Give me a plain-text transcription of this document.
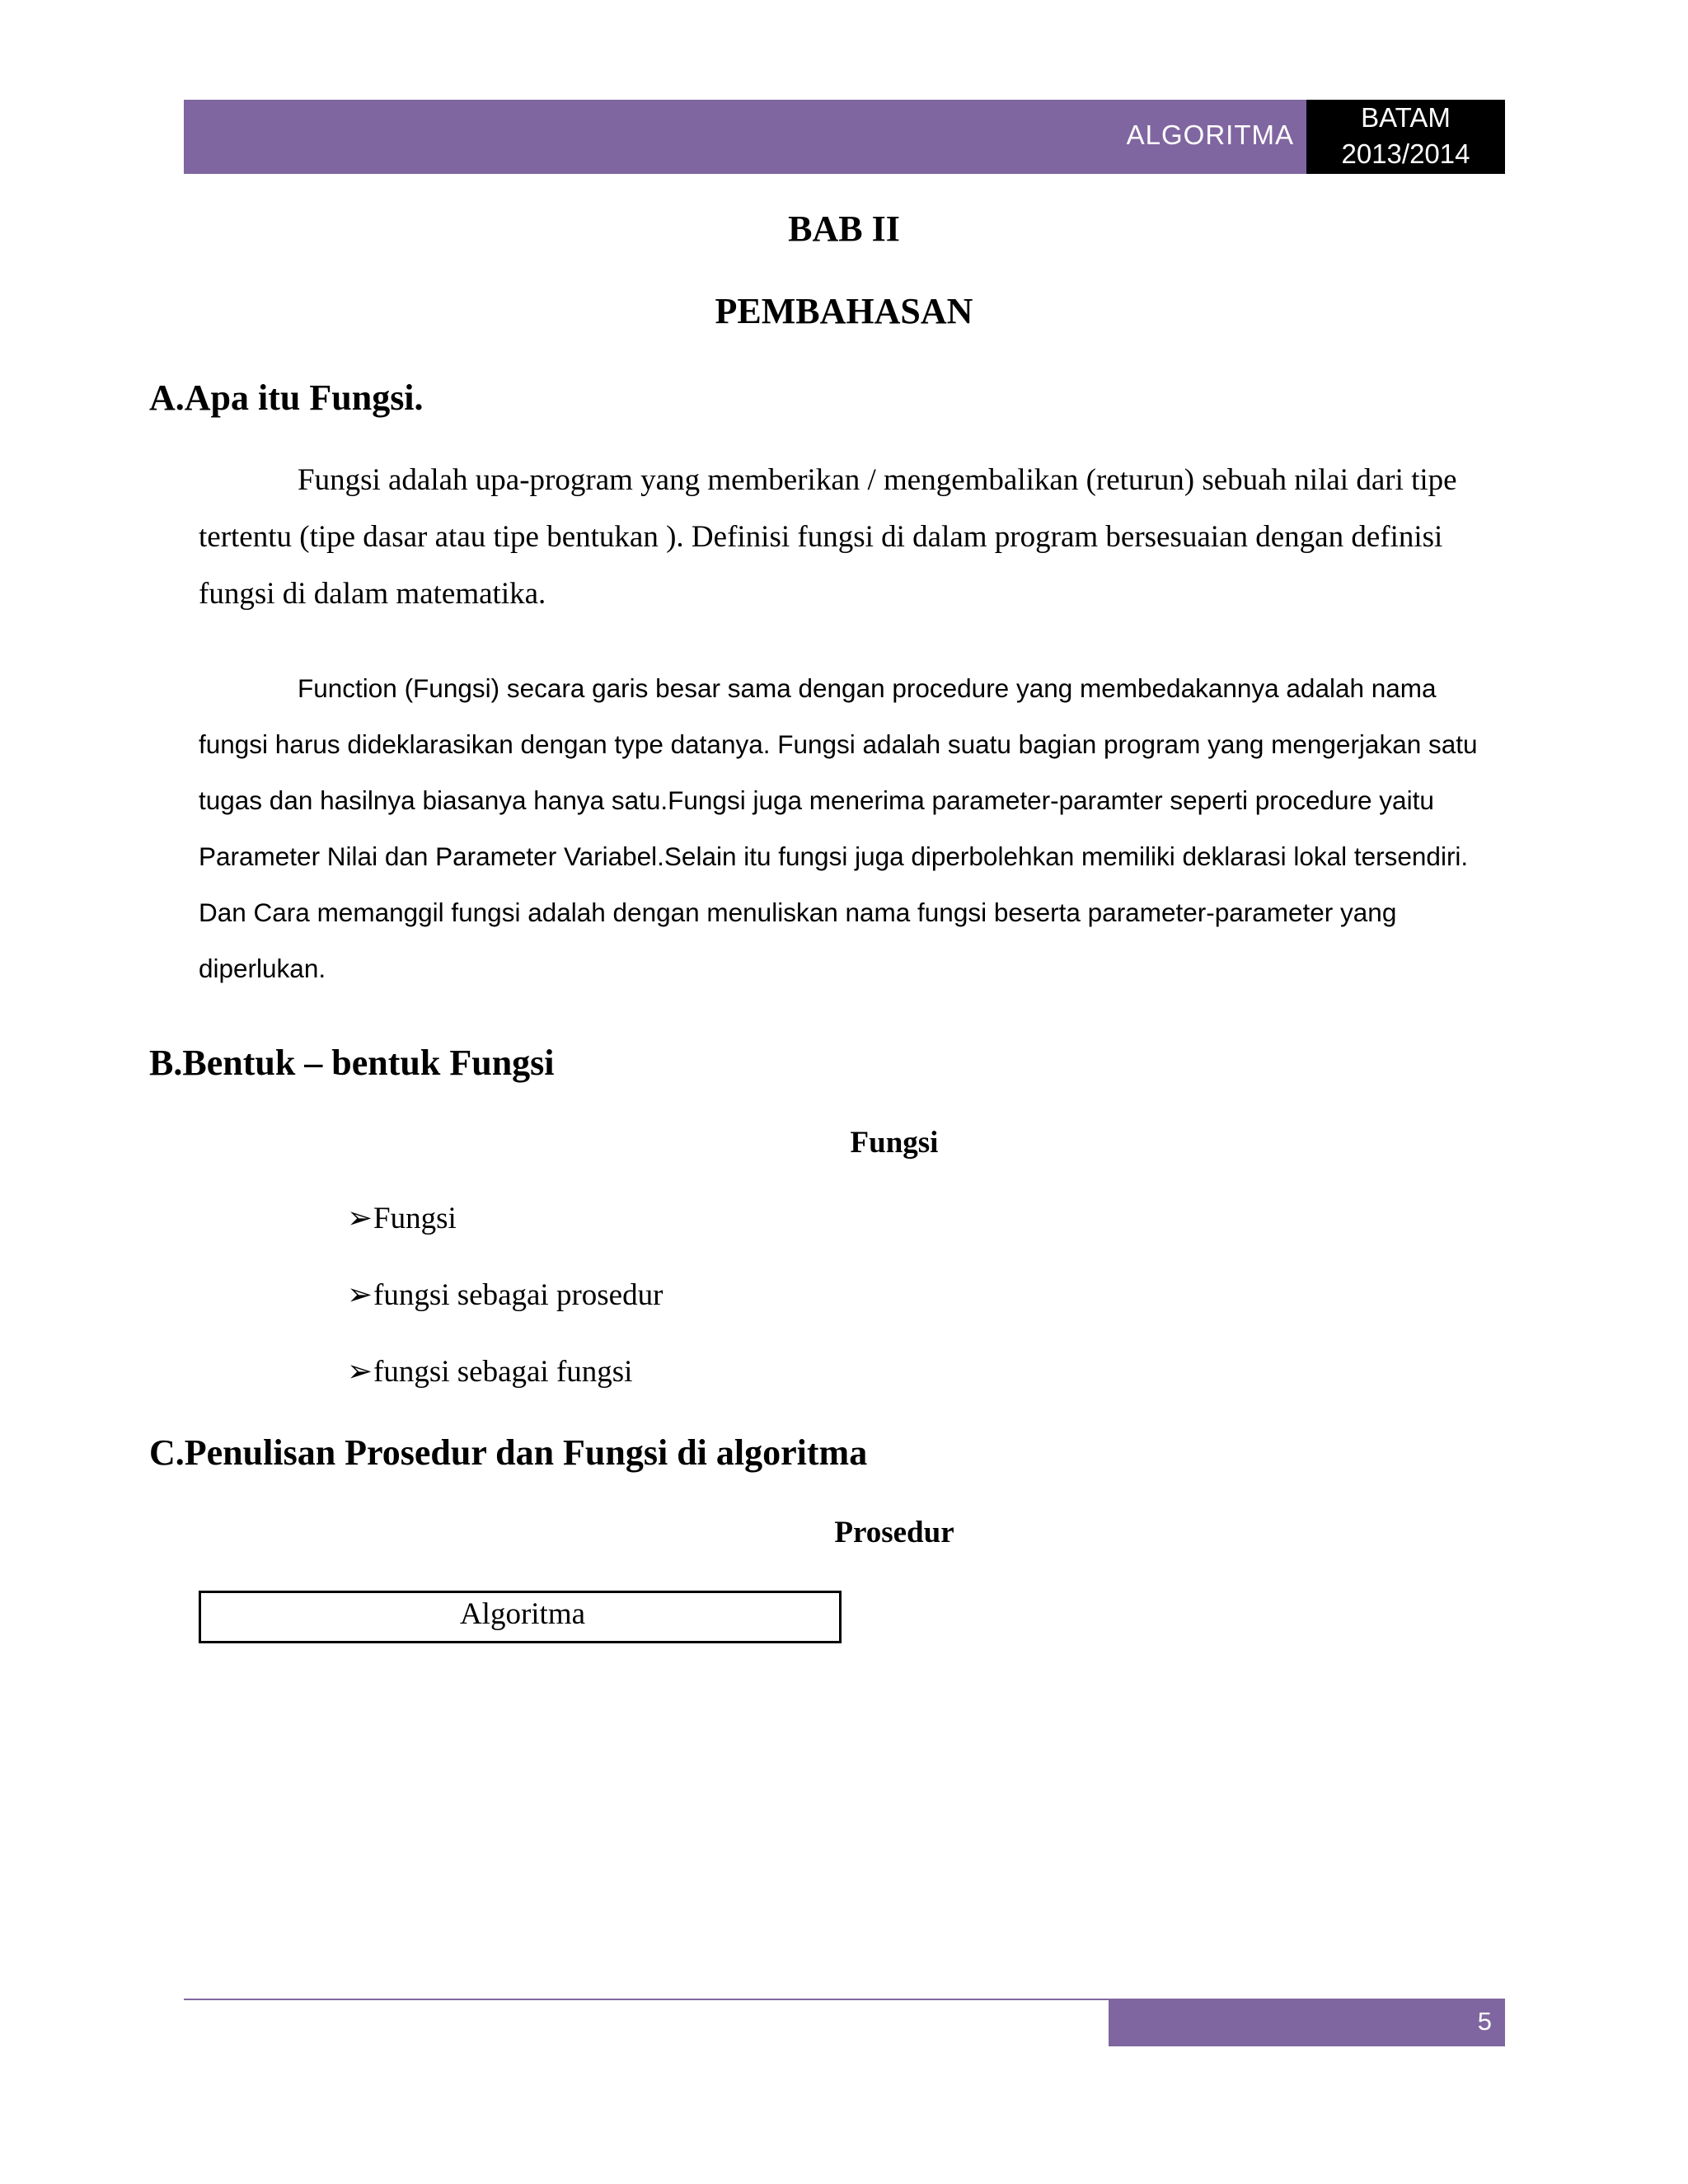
ALGORITMA
BATAM
2013/2014
BAB II
PEMBAHASAN
A.Apa itu Fungsi.

Fungsi adalah upa-program yang memberikan / mengembalikan (returun) sebuah nilai dari tipe tertentu (tipe dasar atau tipe bentukan ). Definisi fungsi di dalam program bersesuaian dengan definisi fungsi di dalam matematika.

Function (Fungsi) secara garis besar sama dengan procedure yang membedakannya adalah nama fungsi harus dideklarasikan dengan type datanya. Fungsi adalah suatu bagian program yang mengerjakan satu tugas dan hasilnya biasanya hanya satu.Fungsi juga menerima parameter-paramter seperti procedure yaitu Parameter Nilai dan Parameter Variabel.Selain itu fungsi juga diperbolehkan memiliki deklarasi lokal tersendiri. Dan Cara memanggil fungsi adalah dengan menuliskan nama fungsi beserta parameter-parameter yang diperlukan.

B.Bentuk – bentuk Fungsi
Fungsi
➢Fungsi
➢fungsi sebagai prosedur
➢fungsi sebagai fungsi
C.Penulisan Prosedur dan Fungsi di algoritma
Prosedur
Algoritma
5
